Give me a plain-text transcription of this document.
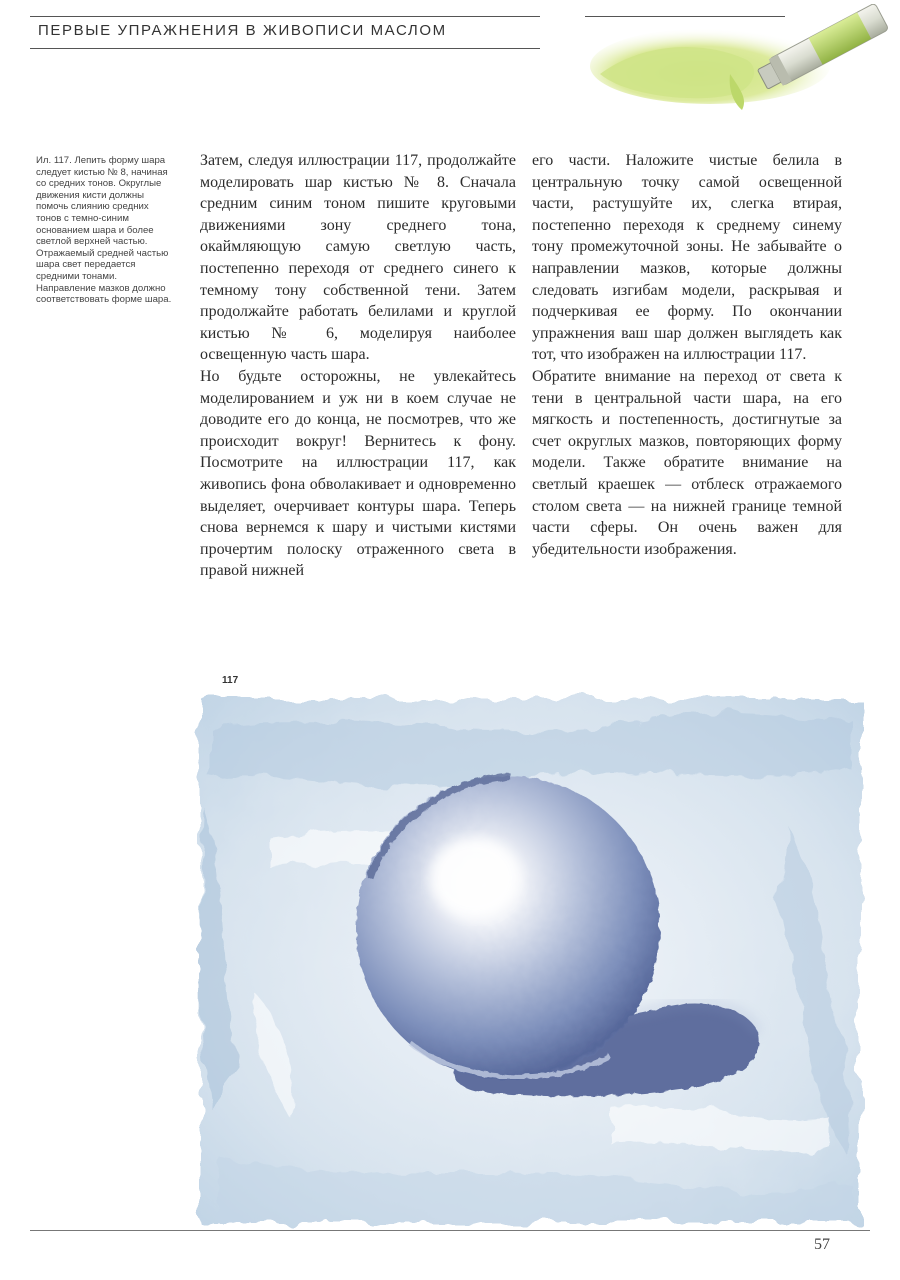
ПЕРВЫЕ УПРАЖНЕНИЯ В ЖИВОПИСИ МАСЛОМ
Ил. 117. Лепить форму шара следует кистью № 8, начиная со средних тонов. Округлые движения кисти должны помочь слиянию средних тонов с темно-синим основанием шара и более светлой верхней частью. Отражаемый средней частью шара свет передается средними тонами. Направление мазков должно соответствовать форме шара.

Затем, следуя иллюстрации 117, продолжайте моделировать шар кистью № 8. Сначала средним синим тоном пишите круговыми движениями зону среднего тона, окаймляющую самую светлую часть, постепенно переходя от среднего синего к темному тону собственной тени. Затем продолжайте работать белилами и круглой кистью № 6, моделируя наиболее освещенную часть шара.

Но будьте осторожны, не увлекайтесь моделированием и уж ни в коем случае не доводите его до конца, не посмотрев, что же происходит вокруг! Вернитесь к фону. Посмотрите на иллюстрации 117, как живопись фона обволакивает и одновременно выделяет, очерчивает контуры шара. Теперь снова вернемся к шару и чистыми кистями прочертим полоску отраженного света в правой нижней

его части. Наложите чистые белила в центральную точку самой освещенной части, растушуйте их, слегка втирая, постепенно переходя к среднему синему тону промежуточной зоны. Не забывайте о направлении мазков, которые должны следовать изгибам модели, раскрывая и подчеркивая ее форму. По окончании упражнения ваш шар должен выглядеть как тот, что изображен на иллюстрации 117.

Обратите внимание на переход от света к тени в центральной части шара, на его мягкость и постепенность, достигнутые за счет округлых мазков, повторяющих форму модели. Также обратите внимание на светлый краешек — отблеск отражаемого столом света — на нижней границе темной части сферы. Он очень важен для убедительности изображения.

117
57
